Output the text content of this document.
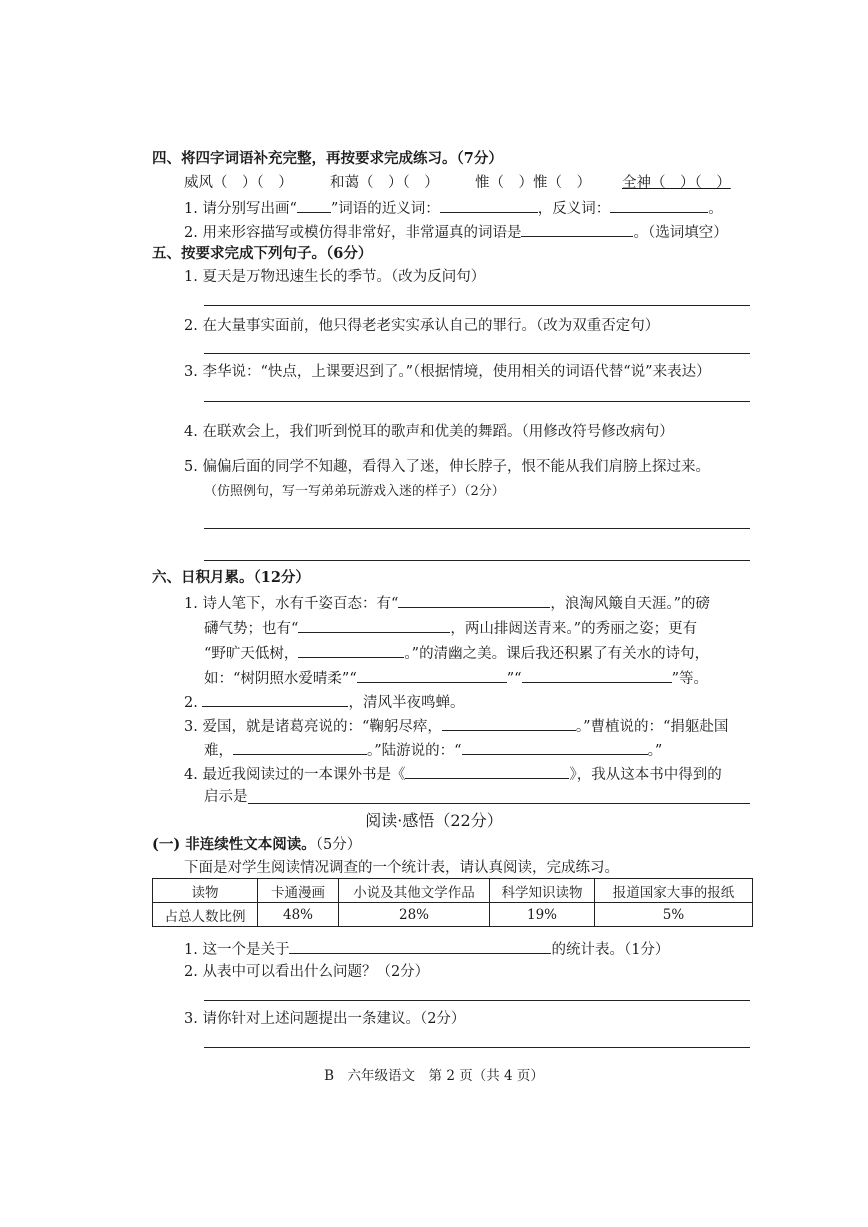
四、将四字词语补充完整，再按要求完成练习。（7分）
威风（　）（　）	和蔼（　）（　）	惟（　）惟（　） 全神（　）（　）
1. 请分别写出画“ ”词语的近义词：	，反义词：	。
2. 用来形容描写或模仿得非常好，非常逼真的词语是	。（选词填空）
五、按要求完成下列句子。（6分）
1. 夏天是万物迅速生长的季节。（改为反问句）
2. 在大量事实面前，他只得老老实实承认自己的罪行。（改为双重否定句）
3. 李华说：“快点，上课要迟到了。”（根据情境，使用相关的词语代替“说”来表达）
4. 在联欢会上，我们听到悦耳的歌声和优美的舞蹈。（用修改符号修改病句）
5. 偏偏后面的同学不知趣，看得入了迷，伸长脖子，恨不能从我们肩膀上探过来。
（仿照例句，写一写弟弟玩游戏入迷的样子）（2分）
六、日积月累。（12分）
1. 诗人笔下，水有千姿百态：有“	，浪淘风簸自天涯。”的磅
礴气势；也有“	，两山排闼送青来。”的秀丽之姿；更有
“野旷天低树，	。”的清幽之美。课后我还积累了有关水的诗句，
如：“树阴照水爱晴柔”“	”“	”等。
2.	，清风半夜鸣蝉。
3. 爱国，就是诸葛亮说的：“鞠躬尽瘁，	。”曹植说的：“捐躯赴国
难，	。”陆游说的：“	。”
4. 最近我阅读过的一本课外书是《	》，我从这本书中得到的
启示是
阅读·感悟（22分）
(一) 非连续性文本阅读。（5分）
下面是对学生阅读情况调查的一个统计表，请认真阅读，完成练习。
读物	卡通漫画	小说及其他文学作品	科学知识读物	报道国家大事的报纸
占总人数比例	48%	28%	19%	5%
1. 这一个是关于	的统计表。（1分）
2. 从表中可以看出什么问题？（2分）
3. 请你针对上述问题提出一条建议。（2分）
B　六年级语文　第 2 页（共 4 页）
